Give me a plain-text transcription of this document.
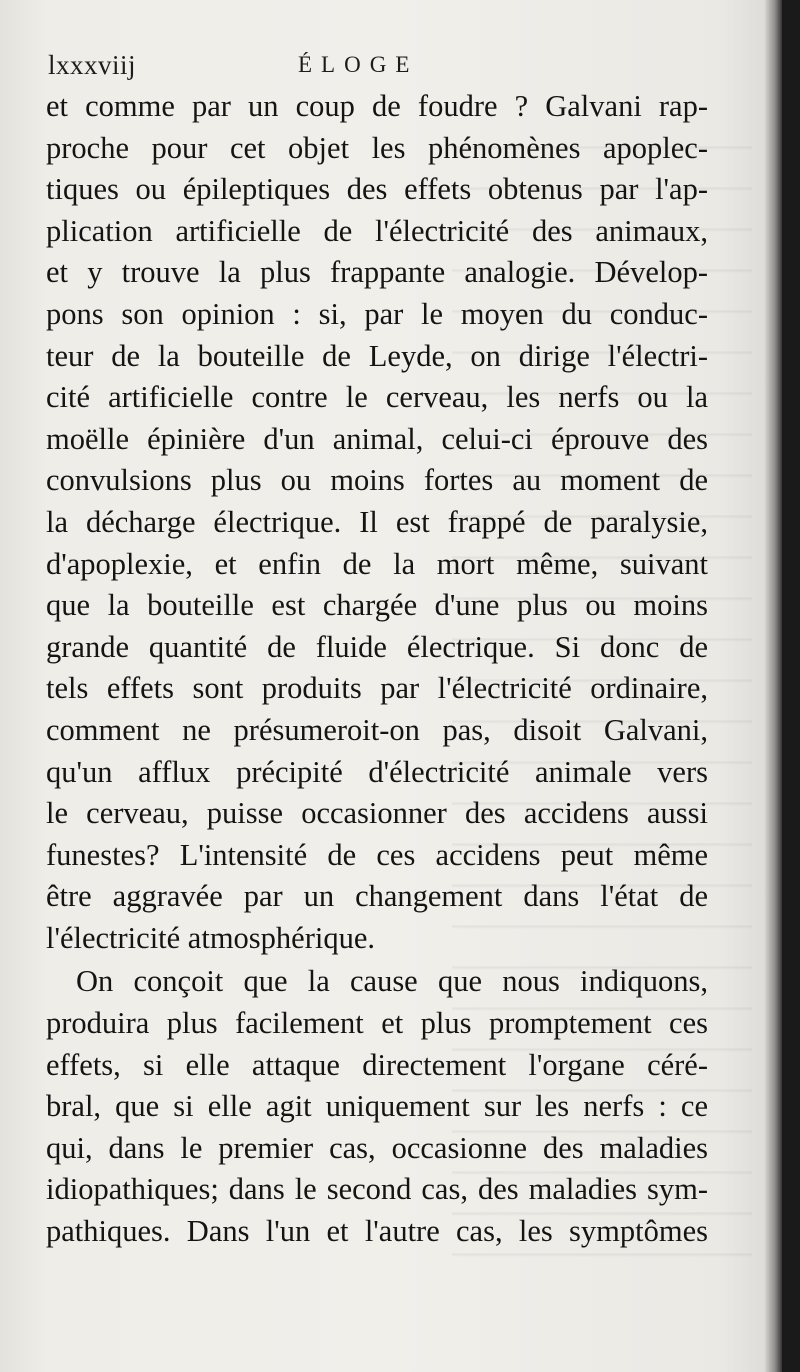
lxxxviij	ÉLOGE
et comme par un coup de foudre ? Galvani rap-
proche pour cet objet les phénomènes apoplec-
tiques ou épileptiques des effets obtenus par l'ap-
plication artificielle de l'électricité des animaux,
et y trouve la plus frappante analogie. Dévelop-
pons son opinion : si, par le moyen du conduc-
teur de la bouteille de Leyde, on dirige l'électri-
cité artificielle contre le cerveau, les nerfs ou la
moëlle épinière d'un animal, celui-ci éprouve des
convulsions plus ou moins fortes au moment de
la décharge électrique. Il est frappé de paralysie,
d'apoplexie, et enfin de la mort même, suivant
que la bouteille est chargée d'une plus ou moins
grande quantité de fluide électrique. Si donc de
tels effets sont produits par l'électricité ordinaire,
comment ne présumeroit-on pas, disoit Galvani,
qu'un afflux précipité d'électricité animale vers
le cerveau, puisse occasionner des accidens aussi
funestes? L'intensité de ces accidens peut même
être aggravée par un changement dans l'état de
l'électricité atmosphérique.
On conçoit que la cause que nous indiquons,
produira plus facilement et plus promptement ces
effets, si elle attaque directement l'organe céré-
bral, que si elle agit uniquement sur les nerfs : ce
qui, dans le premier cas, occasionne des maladies
idiopathiques; dans le second cas, des maladies sym-
pathiques. Dans l'un et l'autre cas, les symptômes
